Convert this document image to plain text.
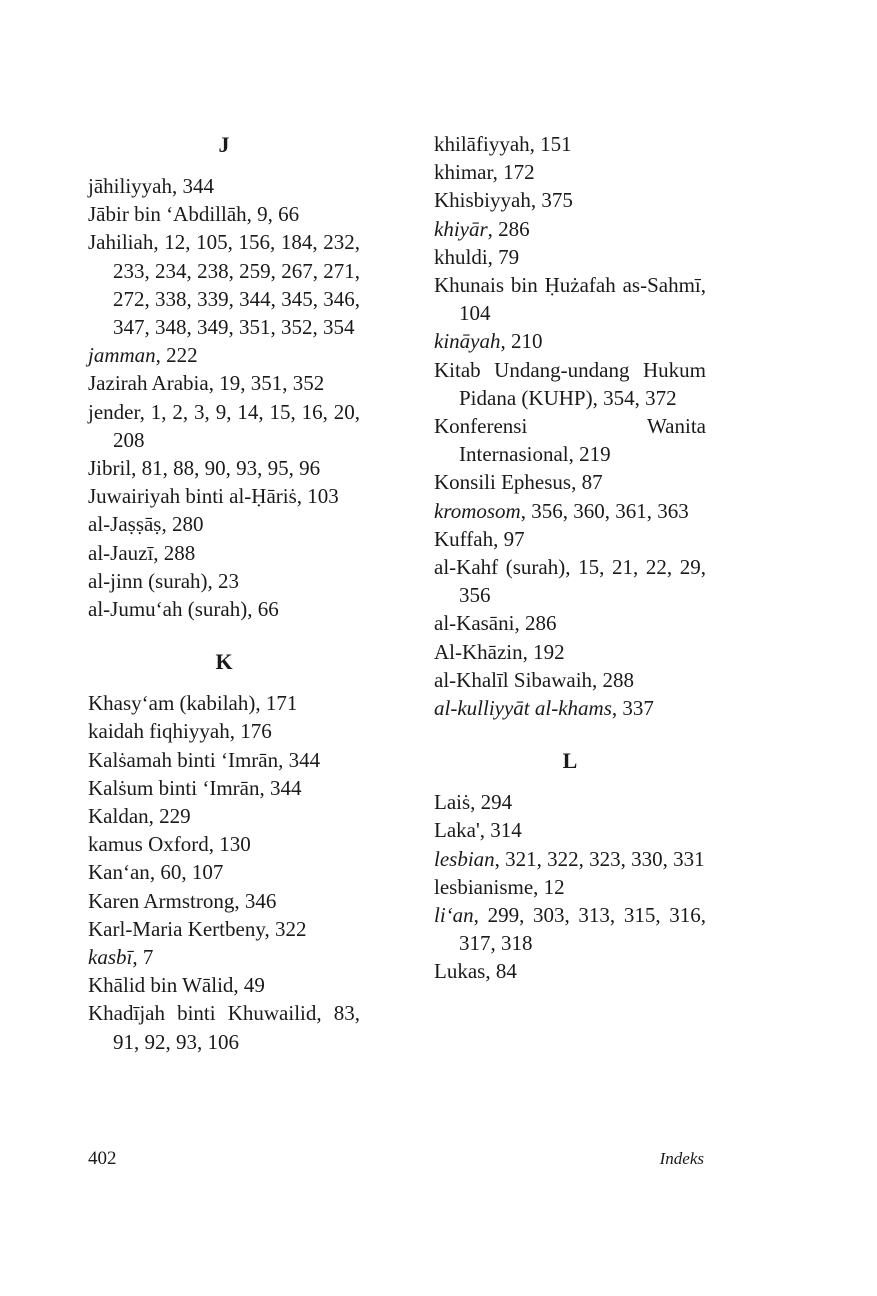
J

jāhiliyyah, 344

Jābir bin ‘Abdillāh, 9, 66

Jahiliah, 12, 105, 156, 184, 232, 233, 234, 238, 259, 267, 271, 272, 338, 339, 344, 345, 346, 347, 348, 349, 351, 352, 354

jamman, 222

Jazirah Arabia, 19, 351, 352

jender, 1, 2, 3, 9, 14, 15, 16, 20, 208

Jibril, 81, 88, 90, 93, 95, 96

Juwairiyah binti al-Ḥāriṡ, 103

al-Jaṣṣāṣ, 280

al-Jauzī, 288

al-jinn (surah), 23

al-Jumu‘ah (surah), 66

K

Khasy‘am (kabilah), 171

kaidah fiqhiyyah, 176

Kalṡamah binti ‘Imrān, 344

Kalṡum binti ‘Imrān, 344

Kaldan, 229

kamus Oxford, 130

Kan‘an, 60, 107

Karen Armstrong, 346

Karl-Maria Kertbeny, 322

kasbī, 7

Khālid bin Wālid, 49

Khadījah binti Khuwailid, 83, 91, 92, 93, 106

khilāfiyyah, 151

khimar, 172

Khisbiyyah, 375

khiyār, 286

khuldi, 79

Khunais bin Ḥużafah as-Sahmī, 104

kināyah, 210

Kitab Undang-undang Hukum Pidana (KUHP), 354, 372

Konferensi Wanita Internasional, 219

Konsili Ephesus, 87

kromosom, 356, 360, 361, 363

Kuffah, 97

al-Kahf (surah), 15, 21, 22, 29, 356

al-Kasāni, 286

Al-Khāzin, 192

al-Khalīl Sibawaih, 288

al-kulliyyāt al-khams, 337

L

Laiṡ, 294

Laka', 314

lesbian, 321, 322, 323, 330, 331

lesbianisme, 12

li‘an, 299, 303, 313, 315, 316, 317, 318

Lukas, 84

402	Indeks
